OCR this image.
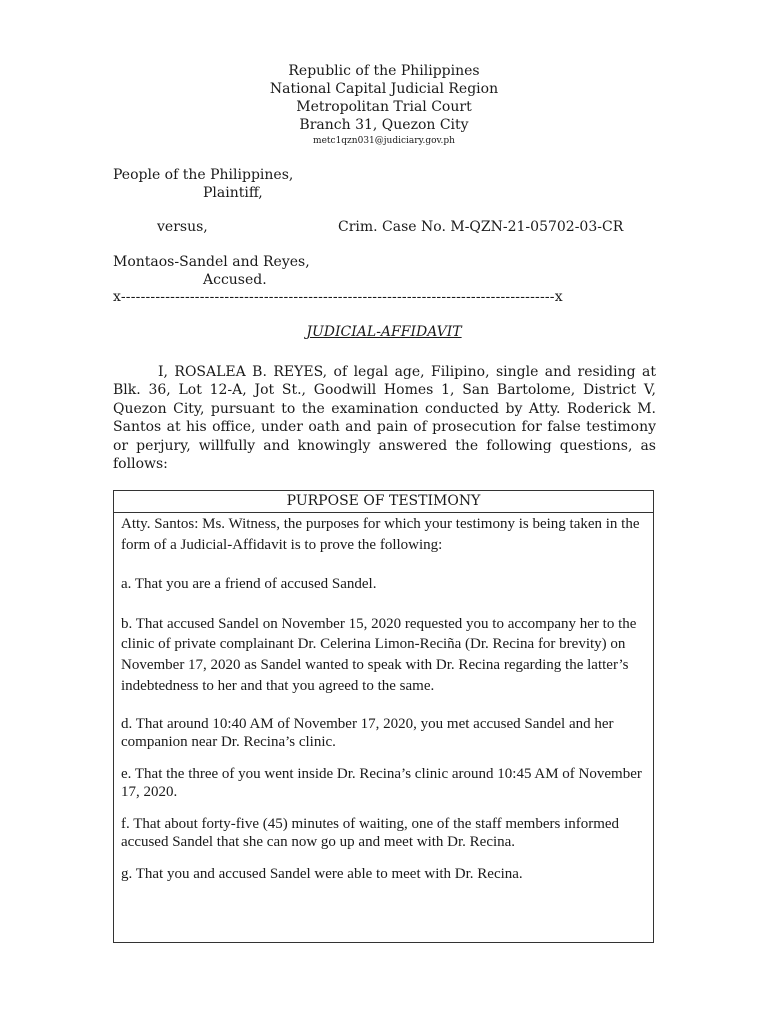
Republic of the Philippines
National Capital Judicial Region
Metropolitan Trial Court
Branch 31, Quezon City
metc1qzn031@judiciary.gov.ph
People of the Philippines,
Plaintiff,
versus,	Crim. Case No. M-QZN-21-05702-03-CR
Montaos-Sandel and Reyes,
Accused.
x----------------------------------------------------------------------------------------x
JUDICIAL-AFFIDAVIT

I, ROSALEA B. REYES, of legal age, Filipino, single and residing at Blk. 36, Lot 12-A, Jot St., Goodwill Homes 1, San Bartolome, District V, Quezon City, pursuant to the examination conducted by Atty. Roderick M. Santos at his office, under oath and pain of prosecution for false testimony or perjury, willfully and knowingly answered the following questions, as follows:

PURPOSE OF TESTIMONY

Atty. Santos: Ms. Witness, the purposes for which your testimony is being taken in the form of a Judicial-Affidavit is to prove the following:

a. That you are a friend of accused Sandel.

b. That accused Sandel on November 15, 2020 requested you to accompany her to the clinic of private complainant Dr. Celerina Limon-Reciña (Dr. Recina for brevity) on November 17, 2020 as Sandel wanted to speak with Dr. Recina regarding the latter’s indebtedness to her and that you agreed to the same.

d. That around 10:40 AM of November 17, 2020, you met accused Sandel and her companion near Dr. Recina’s clinic.

e. That the three of you went inside Dr. Recina’s clinic around 10:45 AM of November 17, 2020.

f. That about forty-five (45) minutes of waiting, one of the staff members informed accused Sandel that she can now go up and meet with Dr. Recina.

g. That you and accused Sandel were able to meet with Dr. Recina.
